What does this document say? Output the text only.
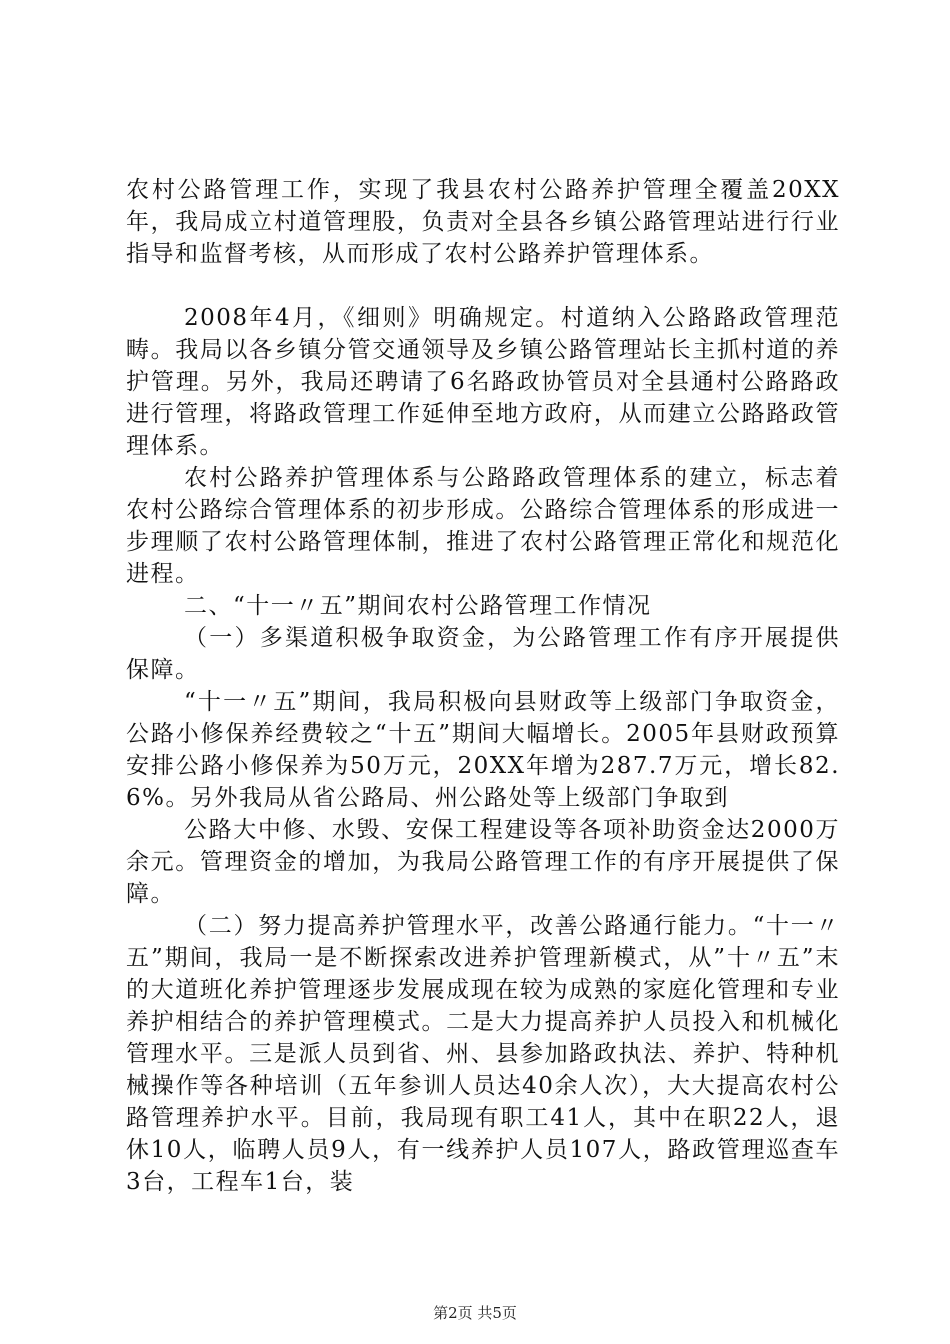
农村公路管理工作，实现了我县农村公路养护管理全覆盖20XX年，我局成立村道管理股，负责对全县各乡镇公路管理站进行行业指导和监督考核，从而形成了农村公路养护管理体系。

2008年4月，《细则》明确规定。村道纳入公路路政管理范畴。我局以各乡镇分管交通领导及乡镇公路管理站长主抓村道的养护管理。另外，我局还聘请了6名路政协管员对全县通村公路路政进行管理，将路政管理工作延伸至地方政府，从而建立公路路政管理体系。

农村公路养护管理体系与公路路政管理体系的建立，标志着农村公路综合管理体系的初步形成。公路综合管理体系的形成进一步理顺了农村公路管理体制，推进了农村公路管理正常化和规范化进程。

二、“十一〃五”期间农村公路管理工作情况

（一）多渠道积极争取资金，为公路管理工作有序开展提供保障。

“十一〃五”期间，我局积极向县财政等上级部门争取资金，公路小修保养经费较之“十五”期间大幅增长。2005年县财政预算安排公路小修保养为50万元，20XX年增为287.7万元，增长82.6%。另外我局从省公路局、州公路处等上级部门争取到

公路大中修、水毁、安保工程建设等各项补助资金达2000万余元。管理资金的增加，为我局公路管理工作的有序开展提供了保障。

（二）努力提高养护管理水平，改善公路通行能力。“十一〃五”期间，我局一是不断探索改进养护管理新模式，从”十〃五”末的大道班化养护管理逐步发展成现在较为成熟的家庭化管理和专业养护相结合的养护管理模式。二是大力提高养护人员投入和机械化管理水平。三是派人员到省、州、县参加路政执法、养护、特种机械操作等各种培训（五年参训人员达40余人次），大大提高农村公路管理养护水平。目前，我局现有职工41人，其中在职22人，退休10人，临聘人员9人，有一线养护人员107人，路政管理巡查车3台，工程车1台，装

第2页 共5页
